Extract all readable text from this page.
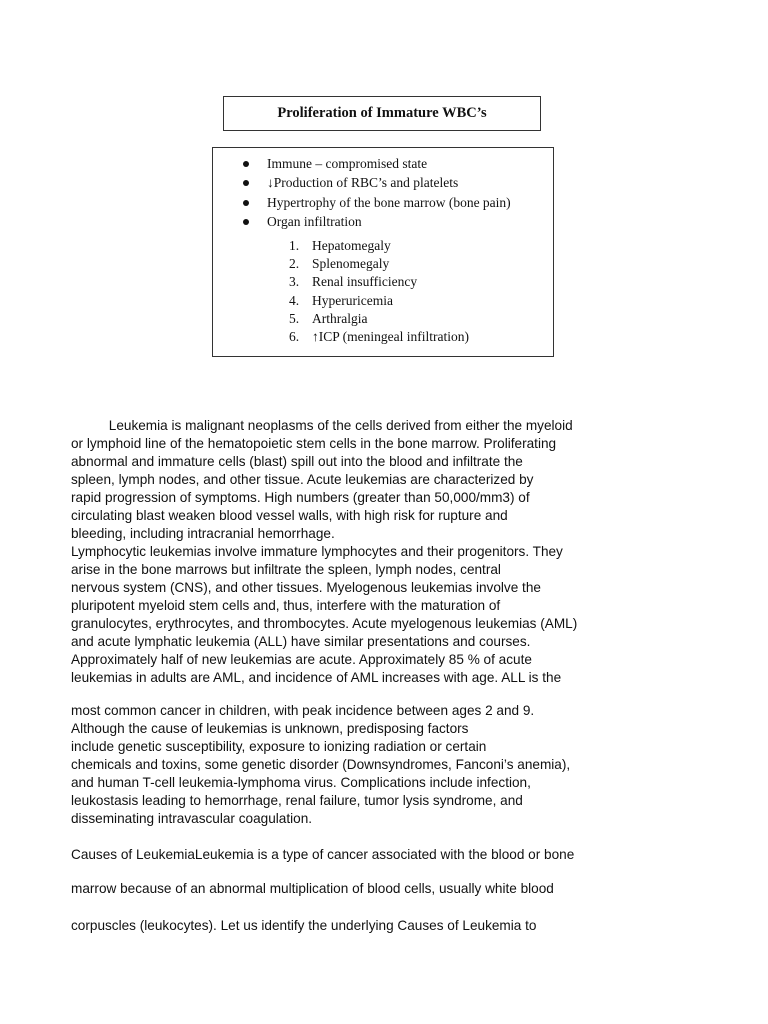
Proliferation of Immature WBC’s
Immune – compromised state
↓Production of RBC’s and platelets
Hypertrophy of the bone marrow (bone pain)
Organ infiltration
1. Hepatomegaly
2. Splenomegaly
3. Renal insufficiency
4. Hyperuricemia
5. Arthralgia
6. ↑ICP (meningeal infiltration)
Leukemia is malignant neoplasms of the cells derived from either the myeloid
or lymphoid line of the hematopoietic stem cells in the bone marrow. Proliferating
abnormal and immature cells (blast) spill out into the blood and infiltrate the
spleen, lymph nodes, and other tissue. Acute leukemias are characterized by
rapid progression of symptoms. High numbers (greater than 50,000/mm3) of
circulating blast weaken blood vessel walls, with high risk for rupture and
bleeding, including intracranial hemorrhage.
Lymphocytic leukemias involve immature lymphocytes and their progenitors. They
arise in the bone marrows but infiltrate the spleen, lymph nodes, central
nervous system (CNS), and other tissues. Myelogenous leukemias involve the
pluripotent myeloid stem cells and, thus, interfere with the maturation of
granulocytes, erythrocytes, and thrombocytes. Acute myelogenous leukemias (AML)
and acute lymphatic leukemia (ALL) have similar presentations and courses.
Approximately half of new leukemias are acute. Approximately 85 % of acute
leukemias in adults are AML, and incidence of AML increases with age. ALL is the
most common cancer in children, with peak incidence between ages 2 and 9.
Although the cause of leukemias is unknown, predisposing factors
include genetic susceptibility, exposure to ionizing radiation or certain
chemicals and toxins, some genetic disorder (Downsyndromes, Fanconi’s anemia),
and human T-cell leukemia-lymphoma virus. Complications include infection,
leukostasis leading to hemorrhage, renal failure, tumor lysis syndrome, and
disseminating intravascular coagulation.
Causes of LeukemiaLeukemia is a type of cancer associated with the blood or bone
marrow because of an abnormal multiplication of blood cells, usually white blood
corpuscles (leukocytes). Let us identify the underlying Causes of Leukemia to
